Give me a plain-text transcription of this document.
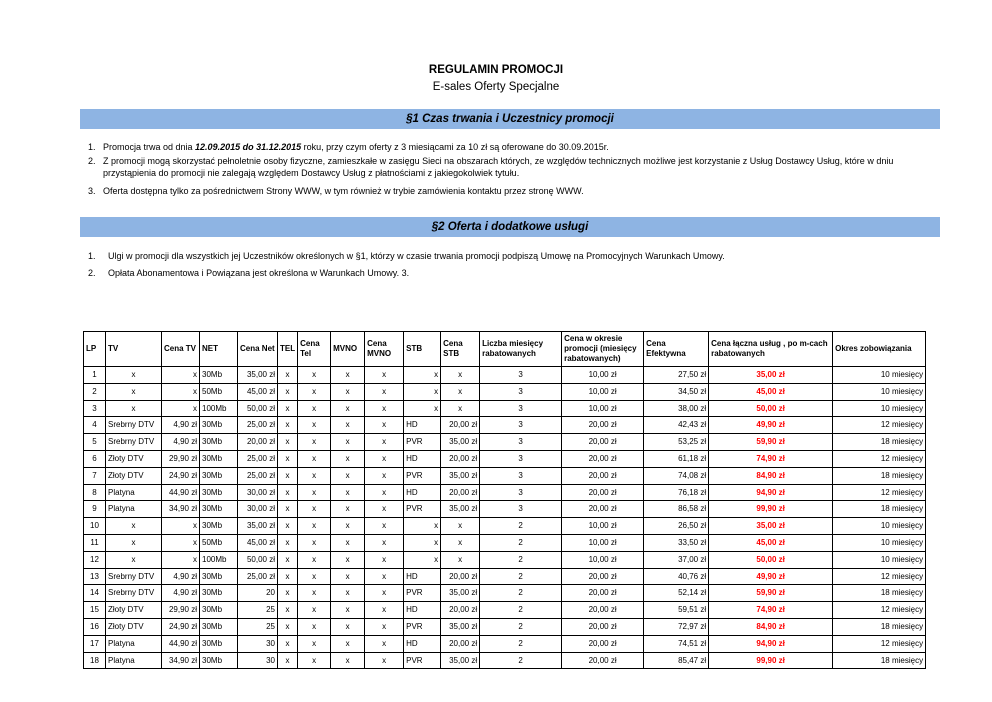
REGULAMIN PROMOCJI
E-sales Oferty Specjalne
§1 Czas trwania i Uczestnicy promocji
1. Promocja trwa od dnia 12.09.2015 do 31.12.2015 roku, przy czym oferty z 3 miesiącami za 10 zł są oferowane do 30.09.2015r.
2. Z promocji mogą skorzystać pełnoletnie osoby fizyczne, zamieszkałe w zasięgu Sieci na obszarach których, ze względów technicznych możliwe jest korzystanie z Usług Dostawcy Usług, które w dniu
przystąpienia do promocji nie zalegają względem Dostawcy Usług z płatnościami z jakiegokolwiek tytułu.
3. Oferta dostępna tylko za pośrednictwem Strony WWW, w tym również w trybie zamówienia kontaktu przez stronę WWW.
§2 Oferta i dodatkowe usługi
1. Ulgi w promocji dla wszystkich jej Uczestników określonych w §1, którzy w czasie trwania promocji podpiszą Umowę na Promocyjnych Warunkach Umowy.
2. Opłata Abonamentowa i Powiązana jest określona w Warunkach Umowy. 3.
LP	TV	Cena TV	NET	Cena Net	TEL	Cena Tel	MVNO	Cena MVNO	STB	Cena STB	Liczba miesięcy rabatowanych	Cena w okresie promocji (miesięcy rabatowanych)	Cena Efektywna	Cena łączna usług , po m-cach rabatowanych	Okres zobowiązania
1	x	x	30Mb	35,00 zł	x	x	x	x	x	x	3	10,00 zł	27,50 zł	35,00 zł	10 miesięcy
2	x	x	50Mb	45,00 zł	x	x	x	x	x	x	3	10,00 zł	34,50 zł	45,00 zł	10 miesięcy
3	x	x	100Mb	50,00 zł	x	x	x	x	x	x	3	10,00 zł	38,00 zł	50,00 zł	10 miesięcy
4	Srebrny DTV	4,90 zł	30Mb	25,00 zł	x	x	x	x	HD	20,00 zł	3	20,00 zł	42,43 zł	49,90 zł	12 miesięcy
5	Srebrny DTV	4,90 zł	30Mb	20,00 zł	x	x	x	x	PVR	35,00 zł	3	20,00 zł	53,25 zł	59,90 zł	18 miesięcy
6	Złoty DTV	29,90 zł	30Mb	25,00 zł	x	x	x	x	HD	20,00 zł	3	20,00 zł	61,18 zł	74,90 zł	12 miesięcy
7	Złoty DTV	24,90 zł	30Mb	25,00 zł	x	x	x	x	PVR	35,00 zł	3	20,00 zł	74,08 zł	84,90 zł	18 miesięcy
8	Platyna	44,90 zł	30Mb	30,00 zł	x	x	x	x	HD	20,00 zł	3	20,00 zł	76,18 zł	94,90 zł	12 miesięcy
9	Platyna	34,90 zł	30Mb	30,00 zł	x	x	x	x	PVR	35,00 zł	3	20,00 zł	86,58 zł	99,90 zł	18 miesięcy
10	x	x	30Mb	35,00 zł	x	x	x	x	x	x	2	10,00 zł	26,50 zł	35,00 zł	10 miesięcy
11	x	x	50Mb	45,00 zł	x	x	x	x	x	x	2	10,00 zł	33,50 zł	45,00 zł	10 miesięcy
12	x	x	100Mb	50,00 zł	x	x	x	x	x	x	2	10,00 zł	37,00 zł	50,00 zł	10 miesięcy
13	Srebrny DTV	4,90 zł	30Mb	25,00 zł	x	x	x	x	HD	20,00 zł	2	20,00 zł	40,76 zł	49,90 zł	12 miesięcy
14	Srebrny DTV	4,90 zł	30Mb	20	x	x	x	x	PVR	35,00 zł	2	20,00 zł	52,14 zł	59,90 zł	18 miesięcy
15	Złoty DTV	29,90 zł	30Mb	25	x	x	x	x	HD	20,00 zł	2	20,00 zł	59,51 zł	74,90 zł	12 miesięcy
16	Złoty DTV	24,90 zł	30Mb	25	x	x	x	x	PVR	35,00 zł	2	20,00 zł	72,97 zł	84,90 zł	18 miesięcy
17	Platyna	44,90 zł	30Mb	30	x	x	x	x	HD	20,00 zł	2	20,00 zł	74,51 zł	94,90 zł	12 miesięcy
18	Platyna	34,90 zł	30Mb	30	x	x	x	x	PVR	35,00 zł	2	20,00 zł	85,47 zł	99,90 zł	18 miesięcy
